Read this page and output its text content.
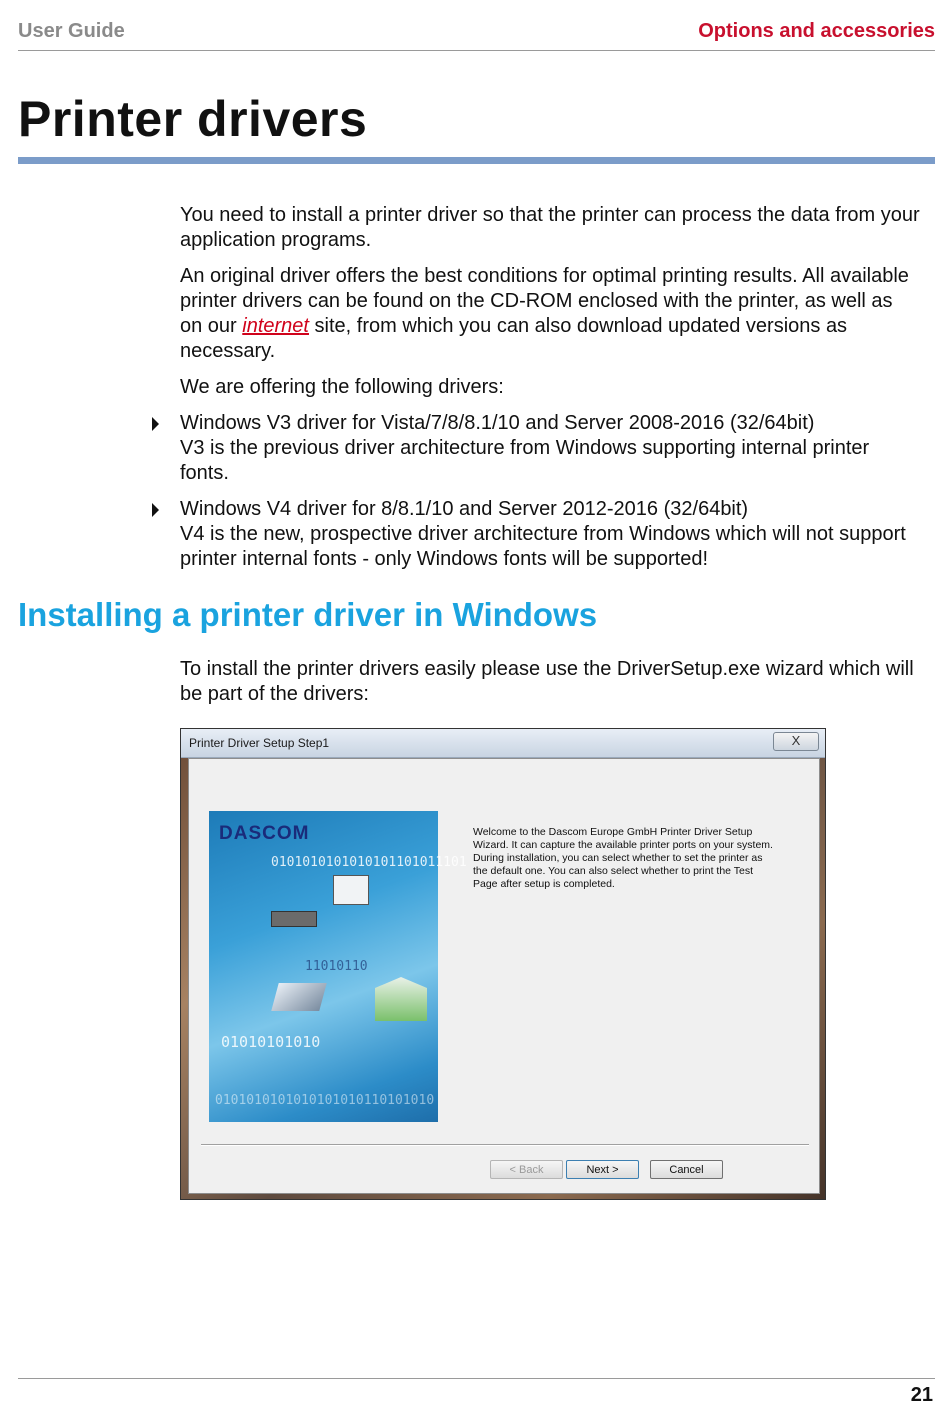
User Guide	Options and accessories
Printer drivers

You need to install a printer driver so that the printer can process the data from your application programs.

An original driver offers the best conditions for optimal printing results. All available printer drivers can be found on the CD-ROM enclosed with the printer, as well as on our internet site, from which you can also download updated versions as necessary.

We are offering the following drivers:

Windows V3 driver for Vista/7/8/8.1/10 and Server 2008-2016 (32/64bit)
V3 is the previous driver architecture from Windows supporting internal printer fonts.
Windows V4 driver for 8/8.1/10 and Server 2012-2016 (32/64bit)
V4 is the new, prospective driver architecture from Windows which will not support printer internal fonts - only Windows fonts will be supported!
Installing a printer driver in Windows

To install the printer drivers easily please use the DriverSetup.exe wizard which will be part of the drivers:

Printer Driver Setup Step1	X
DASCOM
0101010101010101101011101
11010110
01010101010
0101010101010101010110101010
Welcome to the Dascom Europe GmbH Printer Driver Setup Wizard. It can capture the available printer ports on your system. During installation, you can select whether to set the printer as the default one. You can also select whether to print the Test Page after setup is completed.
< Back	Next >	Cancel
21
